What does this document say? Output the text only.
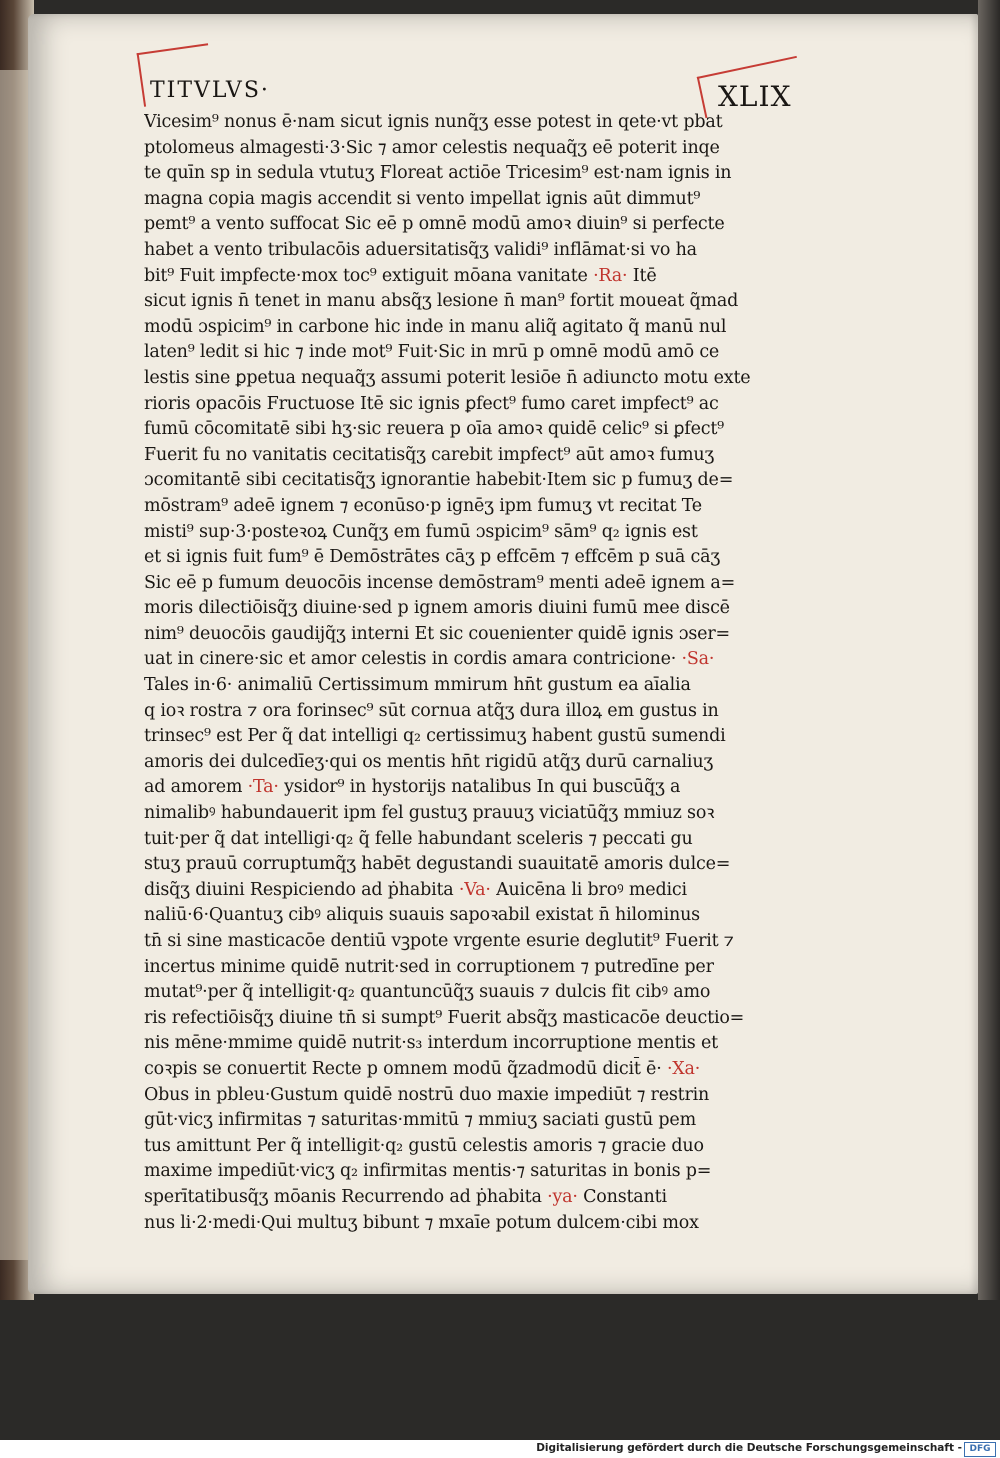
TITVLVS·	XLIX
Vicesim⁹ nonus ē·nam sicut ignis nunq̃ʒ esse potest in qete·vt pbat
ptolomeus almagesti·3·Sic ⁊ amor celestis nequaq̃ʒ eē poterit inqe
te quīn sp in sedula vtutuʒ Floreat actiōe Tricesim⁹ est·nam ignis in
magna copia magis accendit si vento impellat ignis aūt dimmut⁹
pemt⁹ a vento suffocat Sic eē p omnē modū amoꝛ diuin⁹ si perfecte
habet a vento tribulacōis aduersitatisq̃ʒ validi⁹ inflāmat·si vo ha
bit⁹ Fuit impfecte·mox toc⁹ extiguit mōana vanitate ·Ra· Itē
sicut ignis n̄ tenet in manu absq̃ʒ lesione n̄ man⁹ fortit moueat q̃mad
modū ɔspicim⁹ in carbone hic inde in manu aliq̃ agitato q̃ manū nul
laten⁹ ledit si hic ⁊ inde mot⁹ Fuit·Sic in mrū p omnē modū amō ce
lestis sine ꝑpetua nequaq̃ʒ assumi poterit lesiōe n̄ adiuncto motu exte
rioris opacōis Fructuose Itē sic ignis ꝑfect⁹ fumo caret impfect⁹ ac
fumū cōcomitatē sibi hʒ·sic reuera p oīa amoꝛ quidē celic⁹ si ꝑfect⁹
Fuerit fu no vanitatis cecitatisq̃ʒ carebit impfect⁹ aūt amoꝛ fumuʒ
ɔcomitantē sibi cecitatisq̃ʒ ignorantie habebit·Item sic p fumuʒ de=
mōstram⁹ adeē ignem ⁊ econūso·p ignēʒ ipm fumuʒ vt recitat Te
misti⁹ sup·3·posteꝛoꝝ Cunq̃ʒ em fumū ɔspicim⁹ sām⁹ q₂ ignis est
et si ignis fuit fum⁹ ē Demōstrātes cāʒ p effcēm ⁊ effcēm p suā cāʒ
Sic eē p fumum deuocōis incense demōstram⁹ menti adeē ignem a=
moris dilectiōisq̃ʒ diuine·sed p ignem amoris diuini fumū mee discē
nim⁹ deuocōis gaudijq̃ʒ interni Et sic couenienter quidē ignis ɔser=
uat in cinere·sic et amor celestis in cordis amara contricione· ·Sa·
Tales in·6· animaliū Certissimum mmirum hn̄t gustum ea aīalia
q ioꝛ rostra ⁊ ora forinsec⁹ sūt cornua atq̃ʒ dura illoꝝ em gustus in
trinsec⁹ est Per q̃ dat intelligi q₂ certissimuʒ habent gustū sumendi
amoris dei dulcedīeʒ·qui os mentis hn̄t rigidū atq̃ʒ durū carnaliuʒ
ad amorem ·Ta· ysidor⁹ in hystorijs natalibus In qui buscūq̃ʒ a
nimalibꝰ habundauerit ipm fel gustuʒ prauuʒ viciatūq̃ʒ mmiuz soꝛ
tuit·per q̃ dat intelligi·q₂ q̃ felle habundant sceleris ⁊ peccati gu
stuʒ prauū corruptumq̃ʒ habēt degustandi suauitatē amoris dulce=
disq̃ʒ diuini Respiciendo ad ṗhabita ·Va· Auicēna li broꝰ medici
naliū·6·Quantuʒ cibꝰ aliquis suauis sapoꝛabil existat n̄ hilominus
tn̄ si sine masticacōe dentiū vꝫpote vrgente esurie deglutit⁹ Fuerit ⁊
incertus minime quidē nutrit·sed in corruptionem ⁊ putredīne per
mutat⁹·per q̃ intelligit·q₂ quantuncūq̃ʒ suauis ⁊ dulcis fit cibꝰ amo
ris refectiōisq̃ʒ diuine tn̄ si sumpt⁹ Fuerit absq̃ʒ masticacōe deuctio=
nis mēne·mmime quidē nutrit·s₃ interdum incorruptione mentis et
coꝛpis se conuertit Recte p omnem modū q̃zadmodū dicit̄ ē· ·Xa·
Obus in pbleu·Gustum quidē nostrū duo maxie impediūt ⁊ restrin
gūt·vicʒ infirmitas ⁊ saturitas·mmitū ⁊ mmiuʒ saciati gustū pem
tus amittunt Per q̃ intelligit·q₂ gustū celestis amoris ⁊ gracie duo
maxime impediūt·vicʒ q₂ infirmitas mentis·⁊ saturitas in bonis p=
sperītatibusq̃ʒ mōanis Recurrendo ad ṗhabita ·ya· Constanti
nus li·2·medi·Qui multuʒ bibunt ⁊ mxaīe potum dulcem·cibi mox
Digitalisierung gefördert durch die Deutsche Forschungsgemeinschaft - DFG
